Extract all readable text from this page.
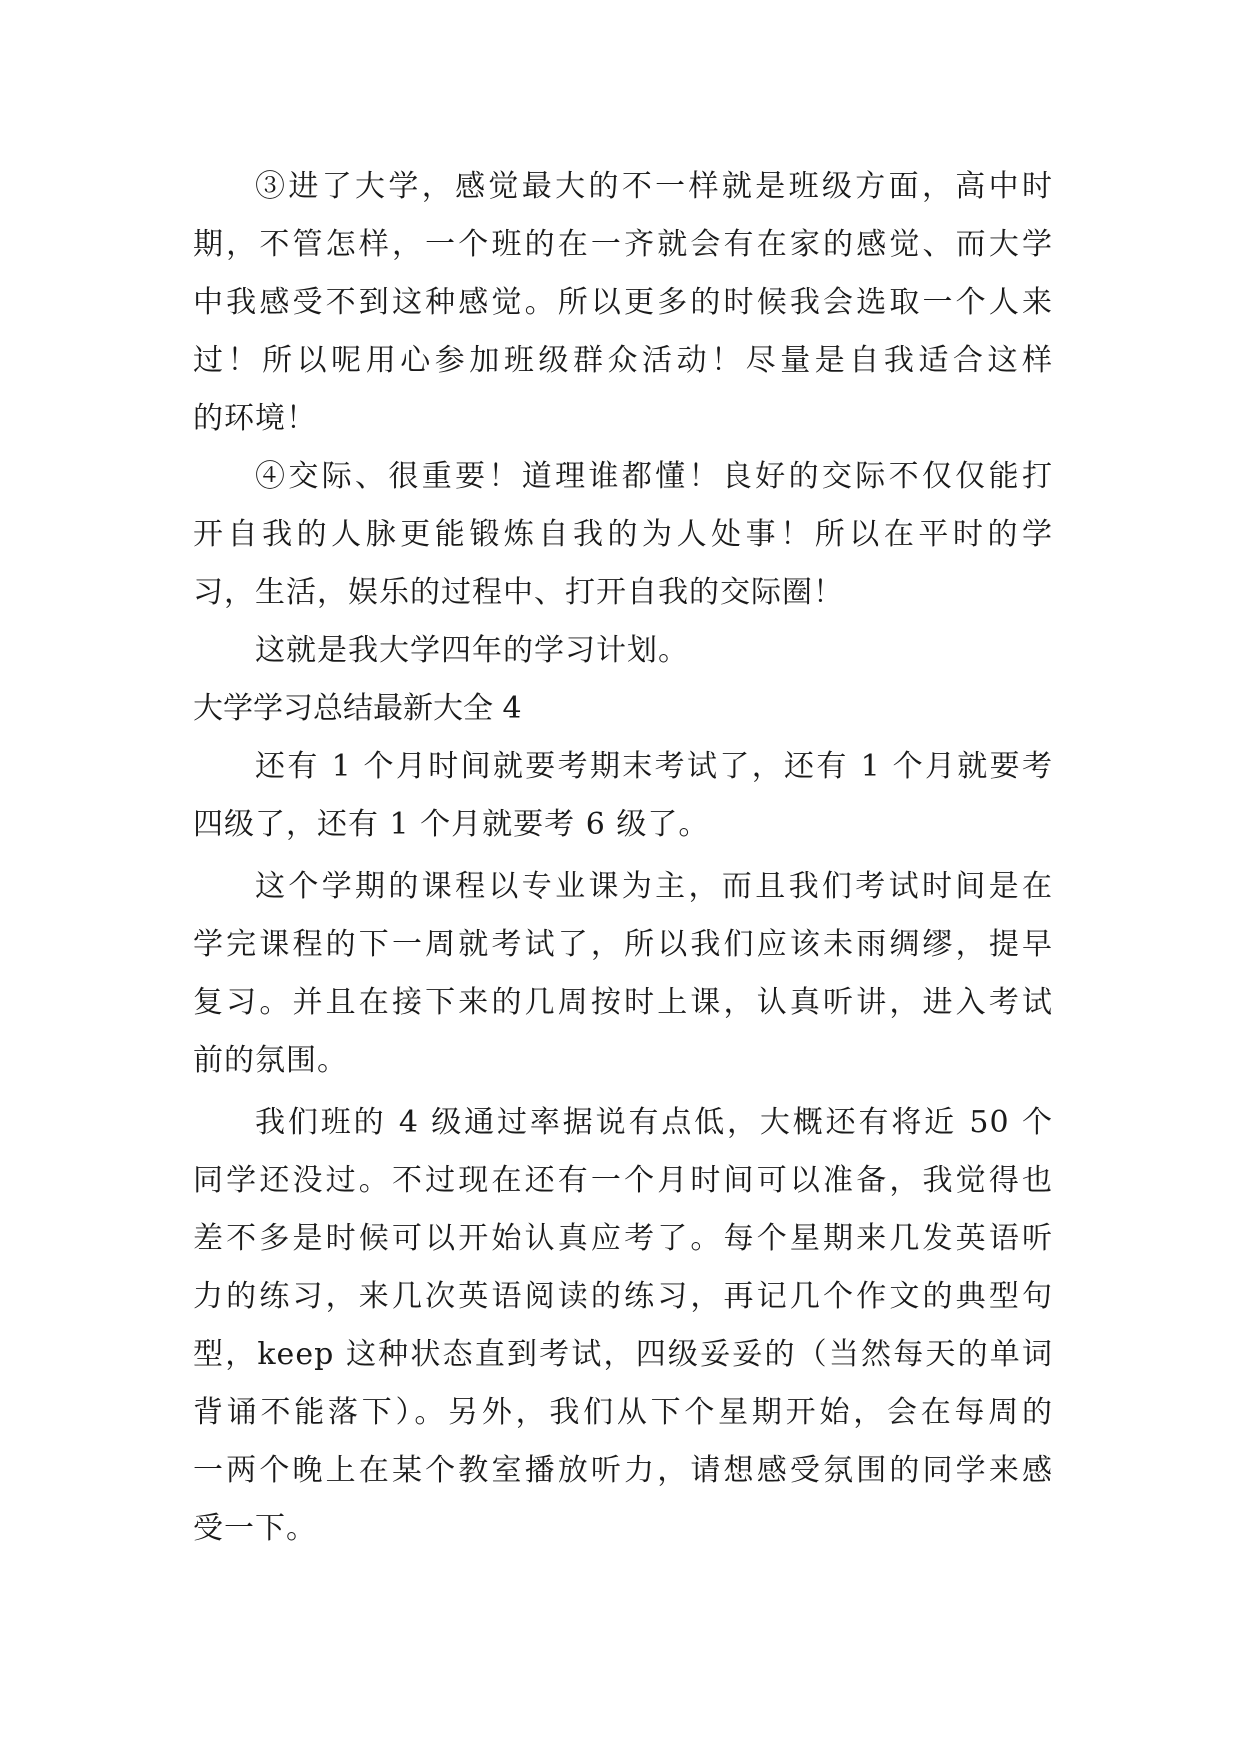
③进了大学，感觉最大的不一样就是班级方面，高中时
期，不管怎样，一个班的在一齐就会有在家的感觉、而大学
中我感受不到这种感觉。所以更多的时候我会选取一个人来
过！所以呢用心参加班级群众活动！尽量是自我适合这样
的环境！
④交际、很重要！道理谁都懂！良好的交际不仅仅能打
开自我的人脉更能锻炼自我的为人处事！所以在平时的学
习，生活，娱乐的过程中、打开自我的交际圈！
这就是我大学四年的学习计划。
大学学习总结最新大全 4
还有 1 个月时间就要考期末考试了，还有 1 个月就要考
四级了，还有 1 个月就要考 6 级了。
这个学期的课程以专业课为主，而且我们考试时间是在
学完课程的下一周就考试了，所以我们应该未雨绸缪，提早
复习。并且在接下来的几周按时上课，认真听讲，进入考试
前的氛围。
我们班的 4 级通过率据说有点低，大概还有将近 50 个
同学还没过。不过现在还有一个月时间可以准备，我觉得也
差不多是时候可以开始认真应考了。每个星期来几发英语听
力的练习，来几次英语阅读的练习，再记几个作文的典型句
型，keep 这种状态直到考试，四级妥妥的（当然每天的单词
背诵不能落下）。另外，我们从下个星期开始，会在每周的
一两个晚上在某个教室播放听力，请想感受氛围的同学来感
受一下。
